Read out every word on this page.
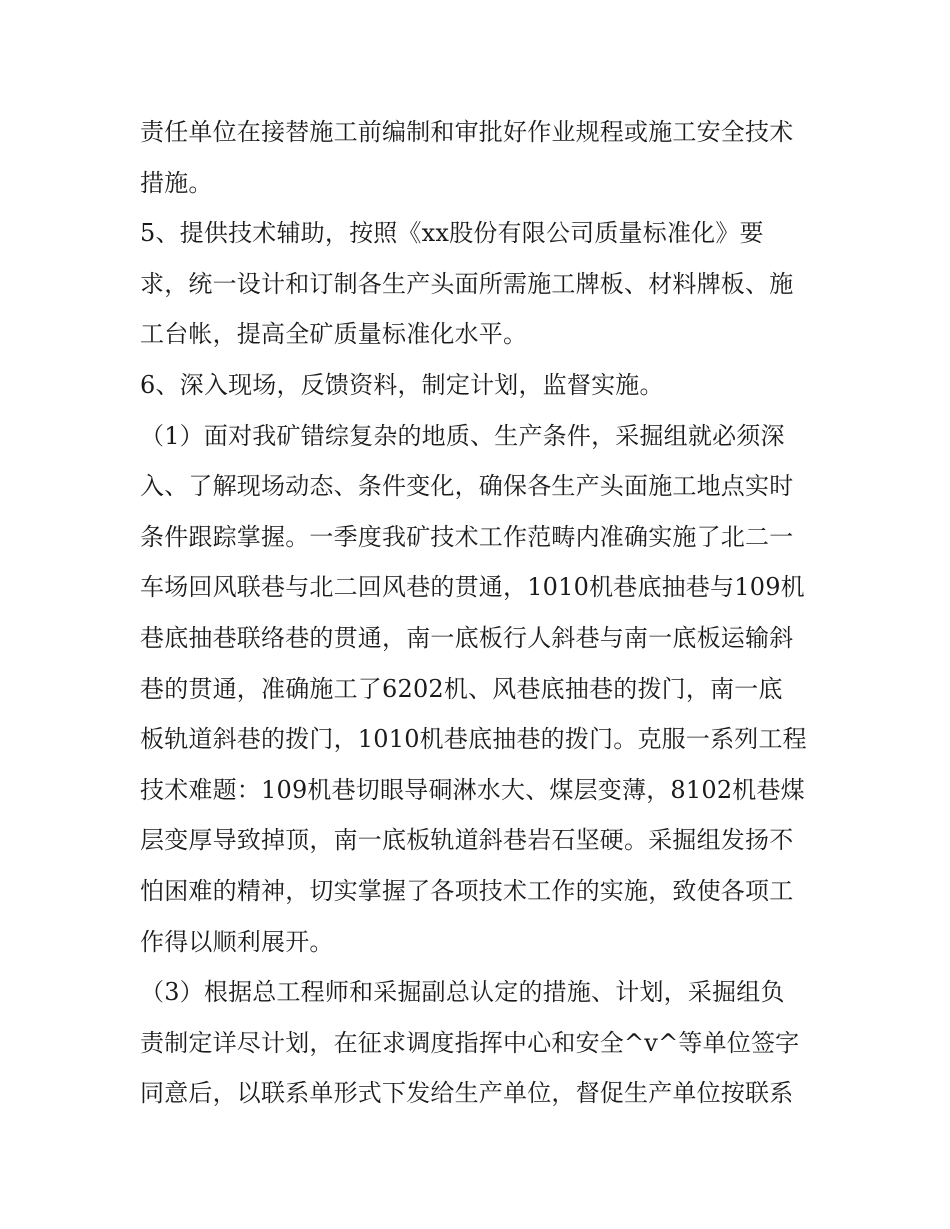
责任单位在接替施工前编制和审批好作业规程或施工安全技术
措施。
5、提供技术辅助，按照《xx股份有限公司质量标准化》要
求，统一设计和订制各生产头面所需施工牌板、材料牌板、施
工台帐，提高全矿质量标准化水平。
6、深入现场，反馈资料，制定计划，监督实施。
（1）面对我矿错综复杂的地质、生产条件，采掘组就必须深
入、了解现场动态、条件变化，确保各生产头面施工地点实时
条件跟踪掌握。一季度我矿技术工作范畴内准确实施了北二一
车场回风联巷与北二回风巷的贯通，1010机巷底抽巷与109机
巷底抽巷联络巷的贯通，南一底板行人斜巷与南一底板运输斜
巷的贯通，准确施工了6202机、风巷底抽巷的拨门，南一底
板轨道斜巷的拨门，1010机巷底抽巷的拨门。克服一系列工程
技术难题：109机巷切眼导硐淋水大、煤层变薄，8102机巷煤
层变厚导致掉顶，南一底板轨道斜巷岩石坚硬。采掘组发扬不
怕困难的精神，切实掌握了各项技术工作的实施，致使各项工
作得以顺利展开。
（3）根据总工程师和采掘副总认定的措施、计划，采掘组负
责制定详尽计划，在征求调度指挥中心和安全^v^等单位签字
同意后，以联系单形式下发给生产单位，督促生产单位按联系
